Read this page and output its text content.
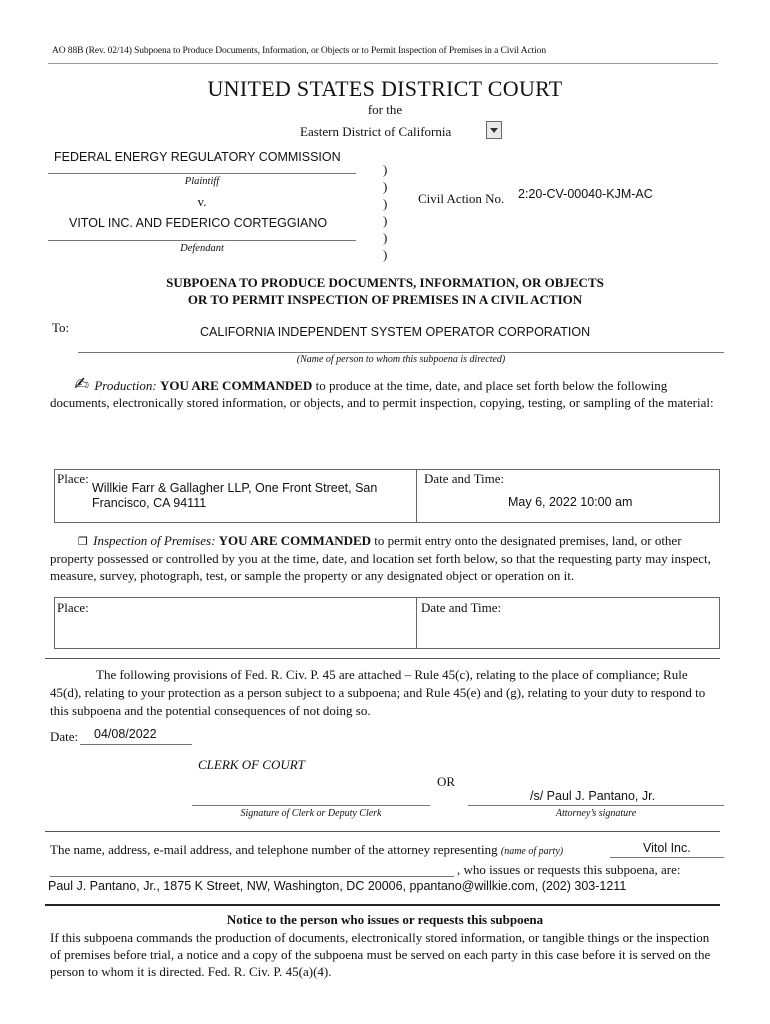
AO 88B (Rev. 02/14) Subpoena to Produce Documents, Information, or Objects or to Permit Inspection of Premises in a Civil Action
UNITED STATES DISTRICT COURT
for the
Eastern District of California
FEDERAL ENERGY REGULATORY COMMISSION
Plaintiff
v.
VITOL INC. AND FEDERICO CORTEGGIANO
Defendant
)
)
)
)
)
)
Civil Action No. 2:20-CV-00040-KJM-AC
SUBPOENA TO PRODUCE DOCUMENTS, INFORMATION, OR OBJECTS
OR TO PERMIT INSPECTION OF PREMISES IN A CIVIL ACTION
To:	CALIFORNIA INDEPENDENT SYSTEM OPERATOR CORPORATION
(Name of person to whom this subpoena is directed)
✍ Production: YOU ARE COMMANDED to produce at the time, date, and place set forth below the following documents, electronically stored information, or objects, and to permit inspection, copying, testing, or sampling of the material:
Place:
Willkie Farr & Gallagher LLP, One Front Street, San Francisco, CA 94111
Date and Time:
May 6, 2022 10:00 am
❒ Inspection of Premises: YOU ARE COMMANDED to permit entry onto the designated premises, land, or other property possessed or controlled by you at the time, date, and location set forth below, so that the requesting party may inspect, measure, survey, photograph, test, or sample the property or any designated object or operation on it.
Place:	Date and Time:
The following provisions of Fed. R. Civ. P. 45 are attached – Rule 45(c), relating to the place of compliance; Rule 45(d), relating to your protection as a person subject to a subpoena; and Rule 45(e) and (g), relating to your duty to respond to this subpoena and the potential consequences of not doing so.
Date: 04/08/2022
CLERK OF COURT
OR
/s/ Paul J. Pantano, Jr.
Signature of Clerk or Deputy Clerk	Attorney’s signature
The name, address, e-mail address, and telephone number of the attorney representing (name of party)	Vitol Inc.
, who issues or requests this subpoena, are:
Paul J. Pantano, Jr., 1875 K Street, NW, Washington, DC 20006, ppantano@willkie.com, (202) 303-1211
Notice to the person who issues or requests this subpoena
If this subpoena commands the production of documents, electronically stored information, or tangible things or the inspection of premises before trial, a notice and a copy of the subpoena must be served on each party in this case before it is served on the person to whom it is directed. Fed. R. Civ. P. 45(a)(4).
